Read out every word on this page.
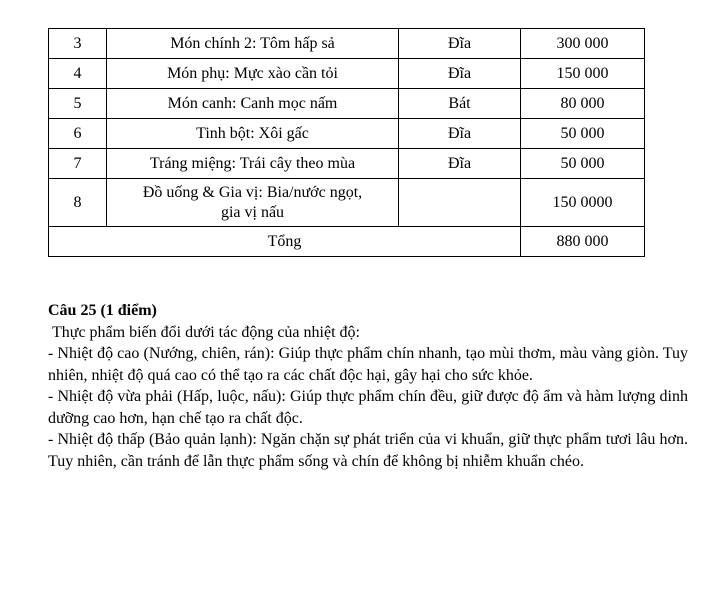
3	Món chính 2: Tôm hấp sả	Đĩa	300 000
4	Món phụ: Mực xào cần tỏi	Đĩa	150 000
5	Món canh: Canh mọc nấm	Bát	80 000
6	Tinh bột: Xôi gấc	Đĩa	50 000
7	Tráng miệng: Trái cây theo mùa	Đĩa	50 000
8	Đồ uống & Gia vị: Bia/nước ngọt,
gia vị nấu		150 0000
Tổng			880 000

Câu 25 (1 điểm)

Thực phẩm biến đổi dưới tác động của nhiệt độ:

- Nhiệt độ cao (Nướng, chiên, rán): Giúp thực phẩm chín nhanh, tạo mùi thơm, màu vàng giòn. Tuy nhiên, nhiệt độ quá cao có thể tạo ra các chất độc hại, gây hại cho sức khỏe.

- Nhiệt độ vừa phải (Hấp, luộc, nấu): Giúp thực phẩm chín đều, giữ được độ ẩm và hàm lượng dinh dưỡng cao hơn, hạn chế tạo ra chất độc.

- Nhiệt độ thấp (Bảo quản lạnh): Ngăn chặn sự phát triển của vi khuẩn, giữ thực phẩm tươi lâu hơn. Tuy nhiên, cần tránh để lẫn thực phẩm sống và chín để không bị nhiễm khuẩn chéo.
